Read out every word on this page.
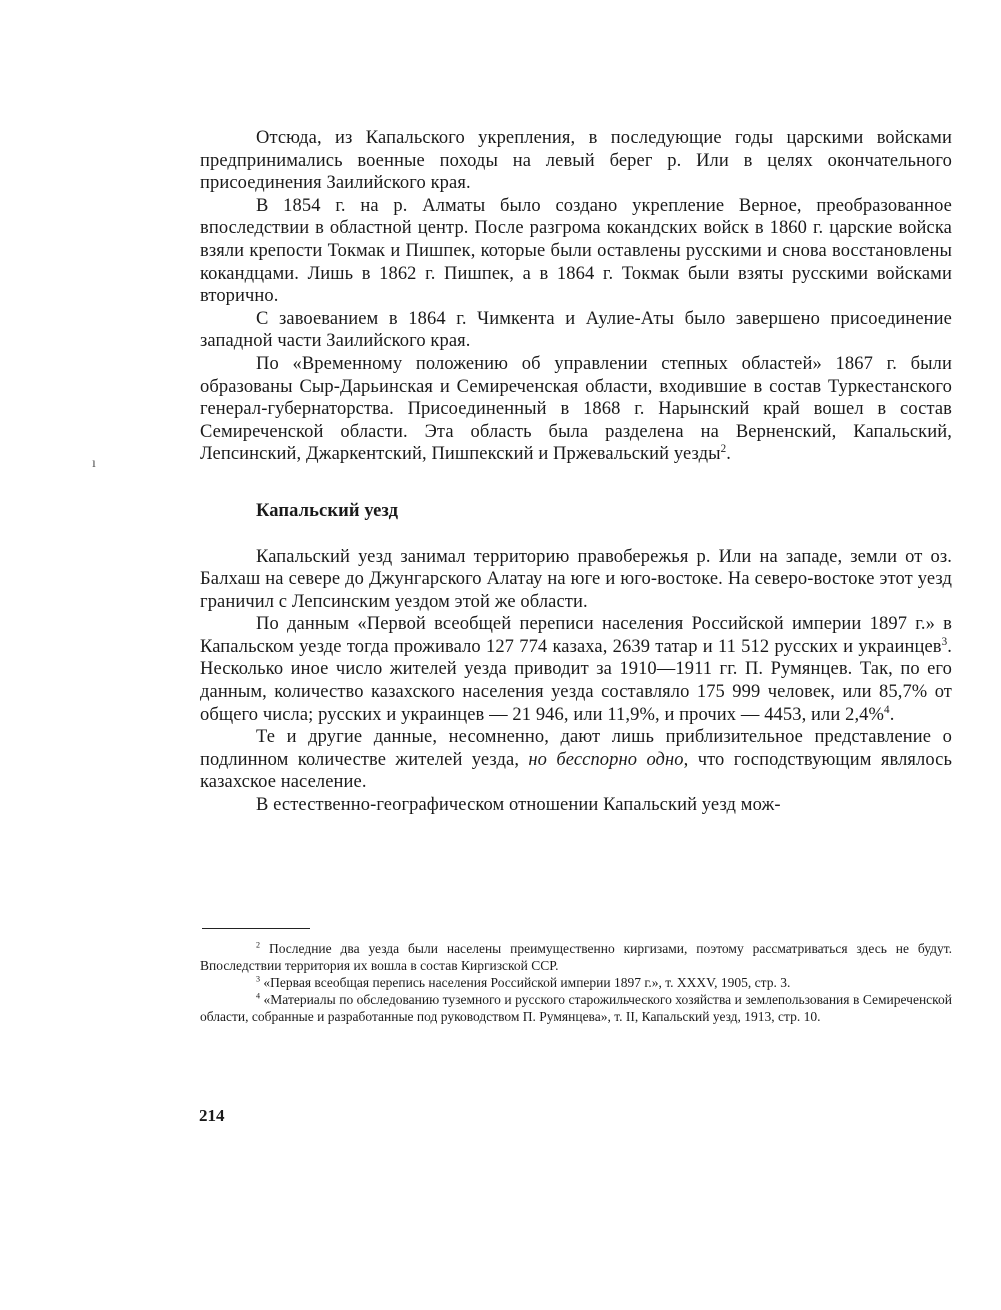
ı

Отсюда, из Капальского укрепления, в последующие годы царскими войсками предпринимались военные походы на левый берег р. Или в целях окончательного присоединения Заилийского края.

В 1854 г. на р. Алматы было создано укрепление Верное, преобразованное впоследствии в областной центр. После разгрома кокандских войск в 1860 г. царские войска взяли крепости Токмак и Пишпек, которые были оставлены русскими и снова восстановлены кокандцами. Лишь в 1862 г. Пишпек, а в 1864 г. Токмак были взяты русскими войсками вторично.

С завоеванием в 1864 г. Чимкента и Аулие-Аты было завершено присоединение западной части Заилийского края.

По «Временному положению об управлении степных областей» 1867 г. были образованы Сыр-Дарьинская и Семиреченская области, входившие в состав Туркестанского генерал-губернаторства. Присоединенный в 1868 г. Нарынский край вошел в состав Семиреченской области. Эта область была разделена на Верненский, Капальский, Лепсинский, Джаркентский, Пишпекский и Пржевальский уезды$^2$.

Капальский уезд

Капальский уезд занимал территорию правобережья р. Или на западе, земли от оз. Балхаш на севере до Джунгарского Алатау на юге и юго-востоке. На северо-востоке этот уезд граничил с Лепсинским уездом этой же области.

По данным «Первой всеобщей переписи населения Российской империи 1897 г.» в Капальском уезде тогда проживало 127 774 казаха, 2639 татар и 11 512 русских и украинцев$^3$. Несколько иное число жителей уезда приводит за 1910—1911 гг. П. Румянцев. Так, по его данным, количество казахского населения уезда составляло 175 999 человек, или 85,7% от общего числа; русских и украинцев — 21 946, или 11,9%, и прочих — 4453, или 2,4%$^4$.

Те и другие данные, несомненно, дают лишь приблизительное представление о подлинном количестве жителей уезда, но бесспорно одно, что господствующим являлось казахское население.

В естественно-географическом отношении Капальский уезд мож-

$^2$ Последние два уезда были населены преимущественно киргизами, поэтому рассматриваться здесь не будут. Впоследствии территория их вошла в состав Киргизской ССР.

$^3$ «Первая всеобщая перепись населения Российской империи 1897 г.», т. XXXV, 1905, стр. 3.

$^4$ «Материалы по обследованию туземного и русского старожильческого хозяйства и землепользования в Семиреченской области, собранные и разработанные под руководством П. Румянцева», т. II, Капальский уезд, 1913, стр. 10.

214
